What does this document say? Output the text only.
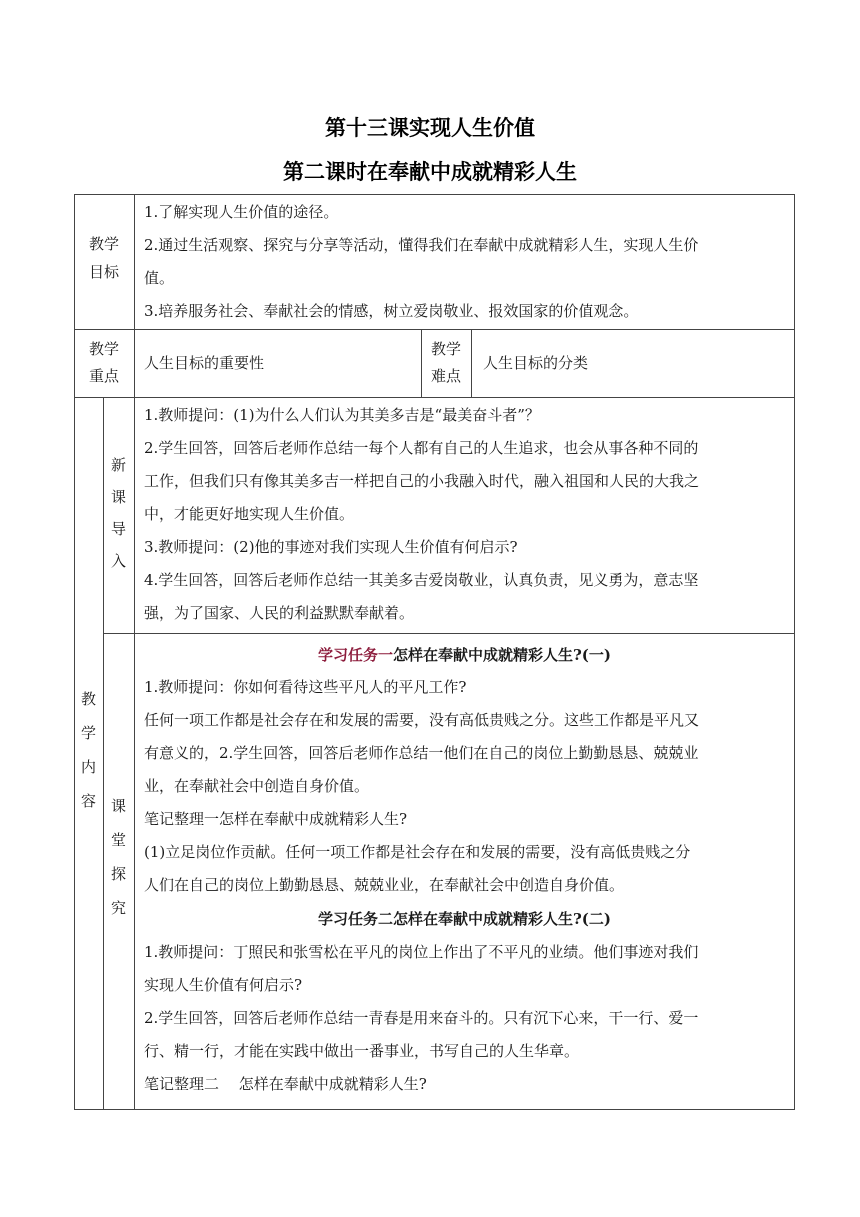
第十三课实现人生价值
第二课时在奉献中成就精彩人生
教学
目标
1.了解实现人生价值的途径。
2.通过生活观察、探究与分享等活动，懂得我们在奉献中成就精彩人生，实现人生价
值。
3.培养服务社会、奉献社会的情感，树立爱岗敬业、报效国家的价值观念。
教学
重点
人生目标的重要性
教学
难点
人生目标的分类
教
学
内
容
新
课
导
入
1.教师提问：(1)为什么人们认为其美多吉是“最美奋斗者”？
2.学生回答，回答后老师作总结一每个人都有自己的人生追求，也会从事各种不同的
工作，但我们只有像其美多吉一样把自己的小我融入时代，融入祖国和人民的大我之
中，才能更好地实现人生价值。
3.教师提问：(2)他的事迹对我们实现人生价值有何启示?
4.学生回答，回答后老师作总结一其美多吉爱岗敬业，认真负责，见义勇为，意志坚
强，为了国家、人民的利益默默奉献着。
课
堂
探
究
学习任务一怎样在奉献中成就精彩人生?(一)
1.教师提问：你如何看待这些平凡人的平凡工作?
任何一项工作都是社会存在和发展的需要，没有高低贵贱之分。这些工作都是平凡又
有意义的，2.学生回答，回答后老师作总结一他们在自己的岗位上勤勤恳恳、兢兢业
业，在奉献社会中创造自身价值。
笔记整理一怎样在奉献中成就精彩人生?
(1)立足岗位作贡献。任何一项工作都是社会存在和发展的需要，没有高低贵贱之分
人们在自己的岗位上勤勤恳恳、兢兢业业，在奉献社会中创造自身价值。
学习任务二怎样在奉献中成就精彩人生?(二)
1.教师提问：丁照民和张雪松在平凡的岗位上作出了不平凡的业绩。他们事迹对我们
实现人生价值有何启示?
2.学生回答，回答后老师作总结一青春是用来奋斗的。只有沉下心来，干一行、爱一
行、精一行，才能在实践中做出一番事业，书写自己的人生华章。
笔记整理二　 怎样在奉献中成就精彩人生?
